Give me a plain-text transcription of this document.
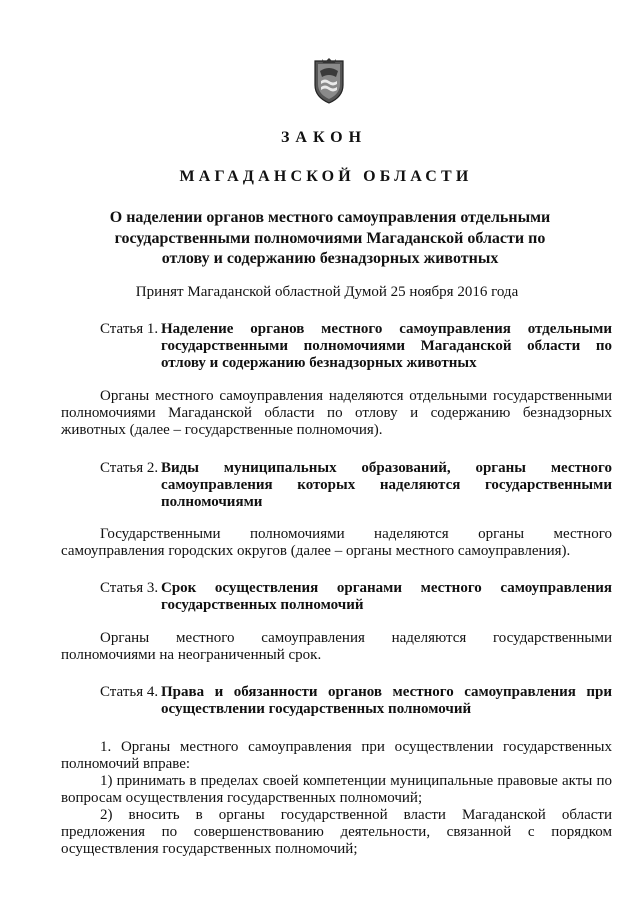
ЗАКОН
МАГАДАНСКОЙ ОБЛАСТИ
О наделении органов местного самоуправления отдельными государственными полномочиями Магаданской области по отлову и содержанию безнадзорных животных
Принят Магаданской областной Думой 25 ноября 2016 года
Статья 1. Наделение органов местного самоуправления отдельными государственными полномочиями Магаданской области по отлову и содержанию безнадзорных животных

Органы местного самоуправления наделяются отдельными государственными полномочиями Магаданской области по отлову и содержанию безнадзорных животных (далее – государственные полномочия).

Статья 2. Виды муниципальных образований, органы местного самоуправления которых наделяются государственными полномочиями

Государственными полномочиями наделяются органы местного самоуправления городских округов (далее – органы местного самоуправления).

Статья 3. Срок осуществления органами местного самоуправления государственных полномочий

Органы местного самоуправления наделяются государственными полномочиями на неограниченный срок.

Статья 4. Права и обязанности органов местного самоуправления при осуществлении государственных полномочий

1. Органы местного самоуправления при осуществлении государственных полномочий вправе:

1) принимать в пределах своей компетенции муниципальные правовые акты по вопросам осуществления государственных полномочий;

2) вносить в органы государственной власти Магаданской области предложения по совершенствованию деятельности, связанной с порядком осуществления государственных полномочий;
